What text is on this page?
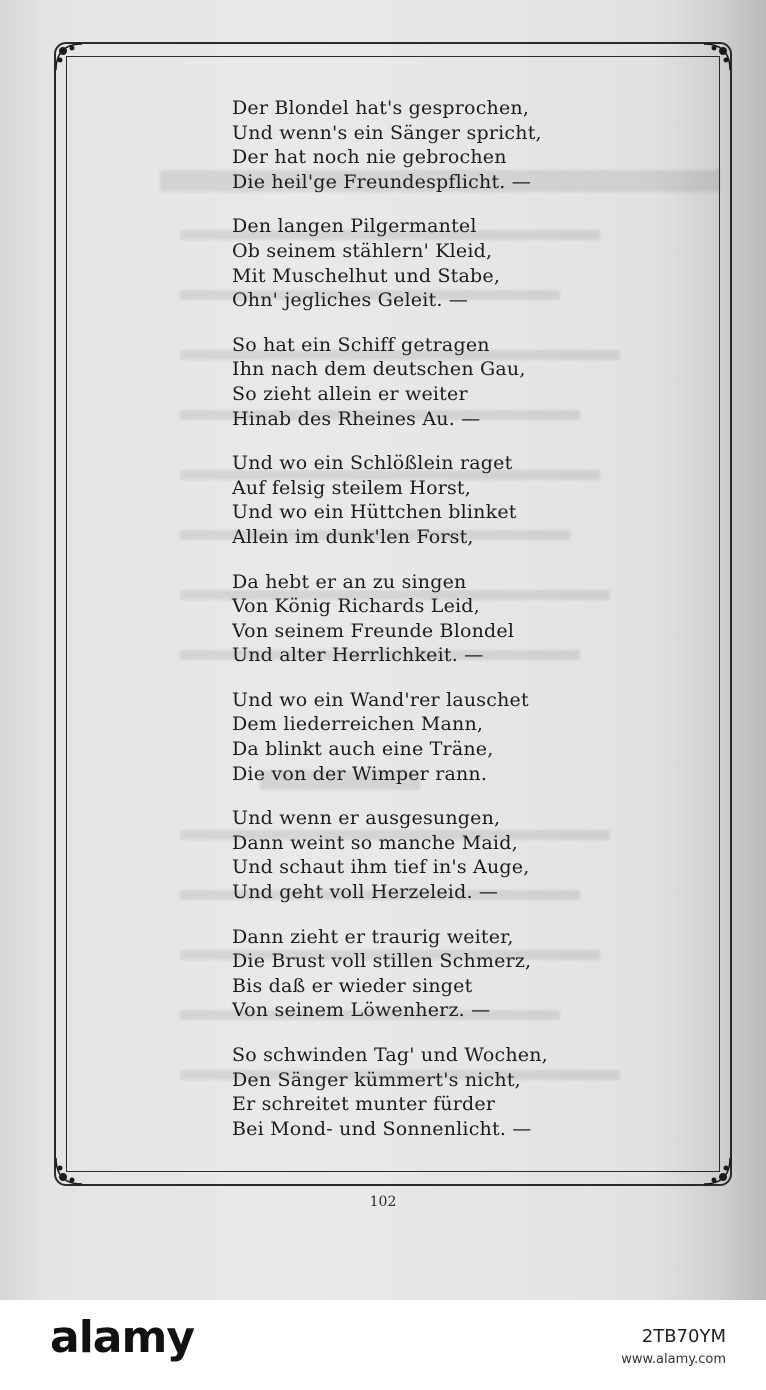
Der Blondel hat's gesprochen,
Und wenn's ein Sänger spricht,
Der hat noch nie gebrochen
Die heil'ge Freundespflicht. —
Den langen Pilgermantel
Ob seinem stählern' Kleid,
Mit Muschelhut und Stabe,
Ohn' jegliches Geleit. —
So hat ein Schiff getragen
Ihn nach dem deutschen Gau,
So zieht allein er weiter
Hinab des Rheines Au. —
Und wo ein Schlößlein raget
Auf felsig steilem Horst,
Und wo ein Hüttchen blinket
Allein im dunk'len Forst,
Da hebt er an zu singen
Von König Richards Leid,
Von seinem Freunde Blondel
Und alter Herrlichkeit. —
Und wo ein Wand'rer lauschet
Dem liederreichen Mann,
Da blinkt auch eine Träne,
Die von der Wimper rann.
Und wenn er ausgesungen,
Dann weint so manche Maid,
Und schaut ihm tief in's Auge,
Und geht voll Herzeleid. —
Dann zieht er traurig weiter,
Die Brust voll stillen Schmerz,
Bis daß er wieder singet
Von seinem Löwenherz. —
So schwinden Tag' und Wochen,
Den Sänger kümmert's nicht,
Er schreitet munter fürder
Bei Mond- und Sonnenlicht. —
102
alamy	2TB70YM
www.alamy.com
